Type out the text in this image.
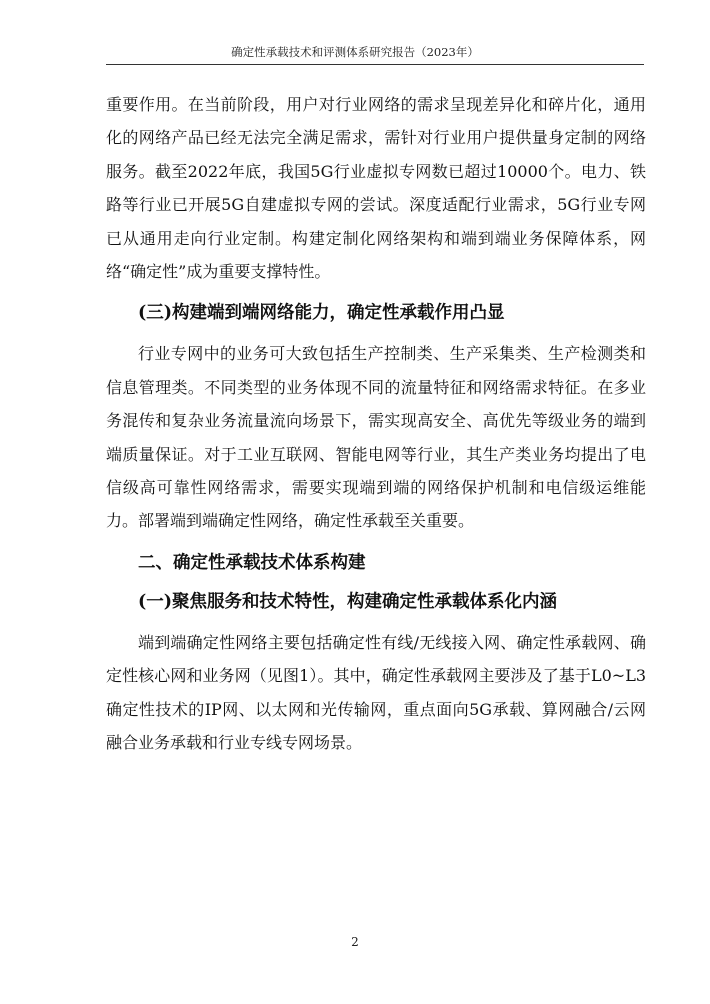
确定性承载技术和评测体系研究报告（2023年）

重要作用。在当前阶段，用户对行业网络的需求呈现差异化和碎片化，通用化的网络产品已经无法完全满足需求，需针对行业用户提供量身定制的网络服务。截至2022年底，我国5G行业虚拟专网数已超过10000个。电力、铁路等行业已开展5G自建虚拟专网的尝试。深度适配行业需求，5G行业专网已从通用走向行业定制。构建定制化网络架构和端到端业务保障体系，网络“确定性”成为重要支撑特性。

(三)构建端到端网络能力，确定性承载作用凸显

行业专网中的业务可大致包括生产控制类、生产采集类、生产检测类和信息管理类。不同类型的业务体现不同的流量特征和网络需求特征。在多业务混传和复杂业务流量流向场景下，需实现高安全、高优先等级业务的端到端质量保证。对于工业互联网、智能电网等行业，其生产类业务均提出了电信级高可靠性网络需求，需要实现端到端的网络保护机制和电信级运维能力。部署端到端确定性网络，确定性承载至关重要。

二、确定性承载技术体系构建
(一)聚焦服务和技术特性，构建确定性承载体系化内涵

端到端确定性网络主要包括确定性有线/无线接入网、确定性承载网、确定性核心网和业务网（见图1）。其中，确定性承载网主要涉及了基于L0~L3确定性技术的IP网、以太网和光传输网，重点面向5G承载、算网融合/云网融合业务承载和行业专线专网场景。

2
